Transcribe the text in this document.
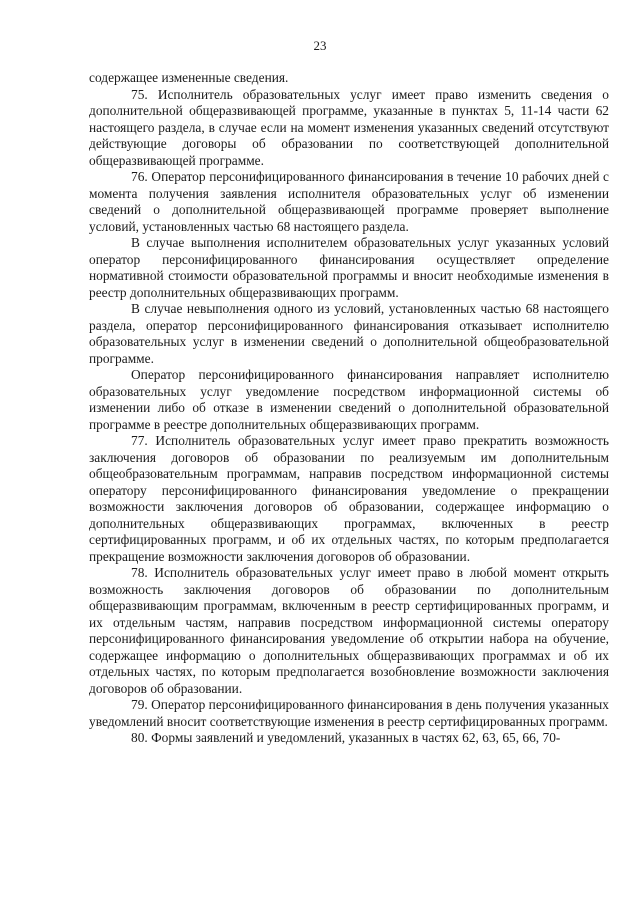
23

содержащее измененные сведения.

75. Исполнитель образовательных услуг имеет право изменить сведения о дополнительной общеразвивающей программе, указанные в пунктах 5, 11-14 части 62 настоящего раздела, в случае если на момент изменения указанных сведений отсутствуют действующие договоры об образовании по соответствующей дополнительной общеразвивающей программе.

76. Оператор персонифицированного финансирования в течение 10 рабочих дней с момента получения заявления исполнителя образовательных услуг об изменении сведений о дополнительной общеразвивающей программе проверяет выполнение условий, установленных частью 68 настоящего раздела.

В случае выполнения исполнителем образовательных услуг указанных условий оператор персонифицированного финансирования осуществляет определение нормативной стоимости образовательной программы и вносит необходимые изменения в реестр дополнительных общеразвивающих программ.

В случае невыполнения одного из условий, установленных частью 68 настоящего раздела, оператор персонифицированного финансирования отказывает исполнителю образовательных услуг в изменении сведений о дополнительной общеобразовательной программе.

Оператор персонифицированного финансирования направляет исполнителю образовательных услуг уведомление посредством информационной системы об изменении либо об отказе в изменении сведений о дополнительной образовательной программе в реестре дополнительных общеразвивающих программ.

77. Исполнитель образовательных услуг имеет право прекратить возможность заключения договоров об образовании по реализуемым им дополнительным общеобразовательным программам, направив посредством информационной системы оператору персонифицированного финансирования уведомление о прекращении возможности заключения договоров об образовании, содержащее информацию о дополнительных общеразвивающих программах, включенных в реестр сертифицированных программ, и об их отдельных частях, по которым предполагается прекращение возможности заключения договоров об образовании.

78. Исполнитель образовательных услуг имеет право в любой момент открыть возможность заключения договоров об образовании по дополнительным общеразвивающим программам, включенным в реестр сертифицированных программ, и их отдельным частям, направив посредством информационной системы оператору персонифицированного финансирования уведомление об открытии набора на обучение, содержащее информацию о дополнительных общеразвивающих программах и об их отдельных частях, по которым предполагается возобновление возможности заключения договоров об образовании.

79. Оператор персонифицированного финансирования в день получения указанных уведомлений вносит соответствующие изменения в реестр сертифицированных программ.

80. Формы заявлений и уведомлений, указанных в частях 62, 63, 65, 66, 70-
